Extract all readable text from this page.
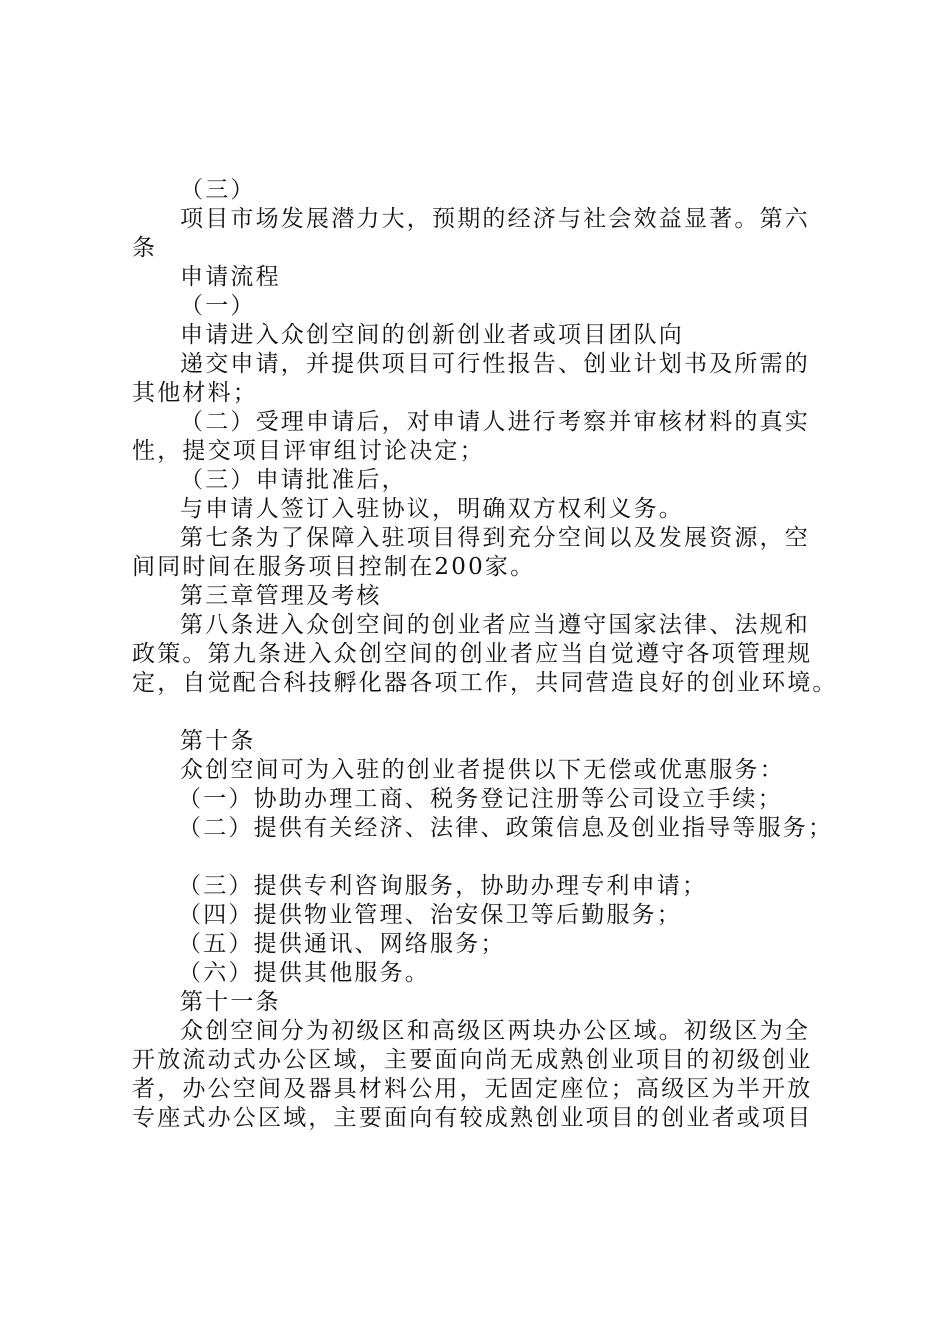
（三）
项目市场发展潜力大，预期的经济与社会效益显著。第六
条
申请流程
（一）
申请进入众创空间的创新创业者或项目团队向
递交申请，并提供项目可行性报告、创业计划书及所需的
其他材料；
（二）受理申请后，对申请人进行考察并审核材料的真实
性，提交项目评审组讨论决定；
（三）申请批准后，
与申请人签订入驻协议，明确双方权利义务。
第七条为了保障入驻项目得到充分空间以及发展资源，空
间同时间在服务项目控制在200家。
第三章管理及考核
第八条进入众创空间的创业者应当遵守国家法律、法规和
政策。第九条进入众创空间的创业者应当自觉遵守各项管理规
定，自觉配合科技孵化器各项工作，共同营造良好的创业环境。
第十条
众创空间可为入驻的创业者提供以下无偿或优惠服务：
（一）协助办理工商、税务登记注册等公司设立手续；
（二）提供有关经济、法律、政策信息及创业指导等服务；
（三）提供专利咨询服务，协助办理专利申请；
（四）提供物业管理、治安保卫等后勤服务；
（五）提供通讯、网络服务；
（六）提供其他服务。
第十一条
众创空间分为初级区和高级区两块办公区域。初级区为全
开放流动式办公区域，主要面向尚无成熟创业项目的初级创业
者，办公空间及器具材料公用，无固定座位；高级区为半开放
专座式办公区域，主要面向有较成熟创业项目的创业者或项目
